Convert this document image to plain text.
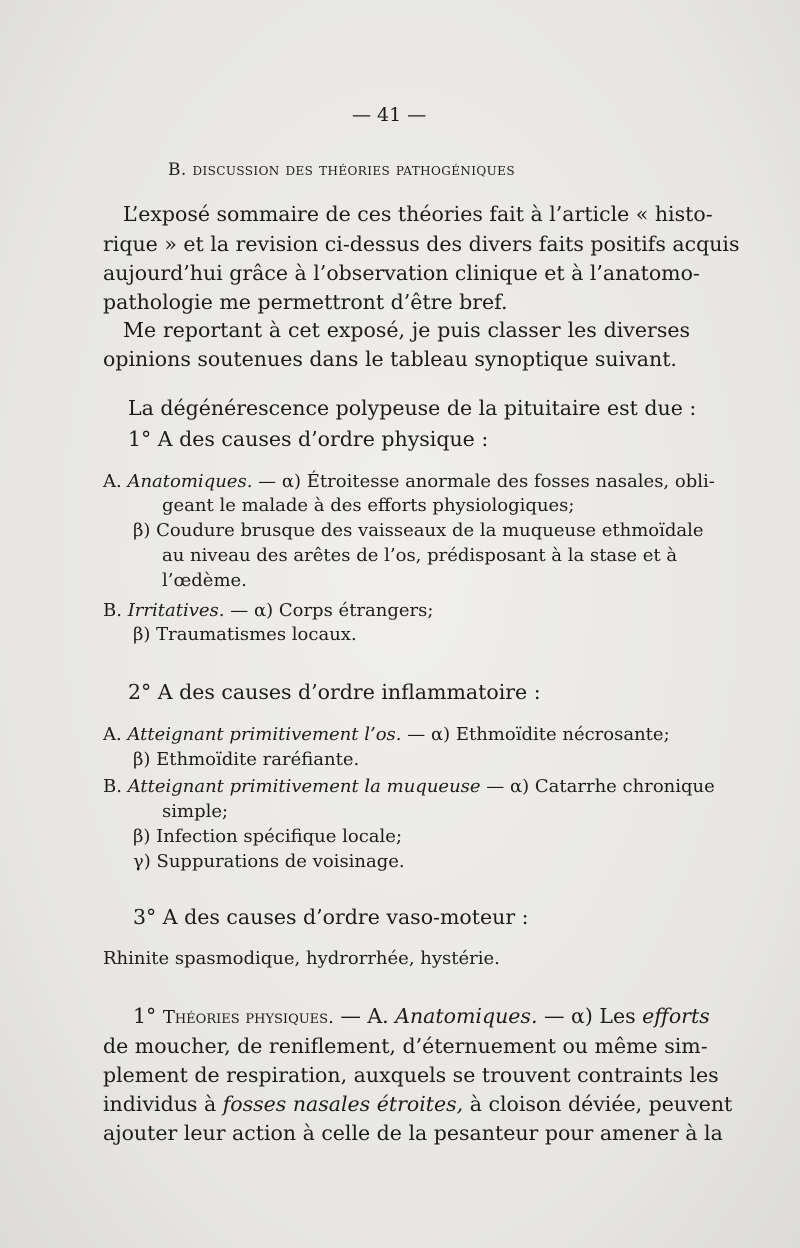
— 41 —
B. discussion des théories pathogéniques
L’exposé sommaire de ces théories fait à l’article « histo-
rique » et la revision ci-dessus des divers faits positifs acquis
aujourd’hui grâce à l’observation clinique et à l’anatomo-
pathologie me permettront d’être bref.
Me reportant à cet exposé, je puis classer les diverses
opinions soutenues dans le tableau synoptique suivant.
La dégénérescence polypeuse de la pituitaire est due :
1° A des causes d’ordre physique :
A. Anatomiques. — α) Étroitesse anormale des fosses nasales, obli-
geant le malade à des efforts physiologiques;
β) Coudure brusque des vaisseaux de la muqueuse ethmoïdale
au niveau des arêtes de l’os, prédisposant à la stase et à
l’œdème.
B. Irritatives. — α) Corps étrangers;
β) Traumatismes locaux.
2° A des causes d’ordre inflammatoire :
A. Atteignant primitivement l’os. — α) Ethmoïdite nécrosante;
β) Ethmoïdite raréfiante.
B. Atteignant primitivement la muqueuse — α) Catarrhe chronique
simple;
β) Infection spécifique locale;
γ) Suppurations de voisinage.
3° A des causes d’ordre vaso-moteur :
Rhinite spasmodique, hydrorrhée, hystérie.
1° Théories physiques. — A. Anatomiques. — α) Les efforts
de moucher, de reniflement, d’éternuement ou même sim-
plement de respiration, auxquels se trouvent contraints les
individus à fosses nasales étroites, à cloison déviée, peuvent
ajouter leur action à celle de la pesanteur pour amener à la
